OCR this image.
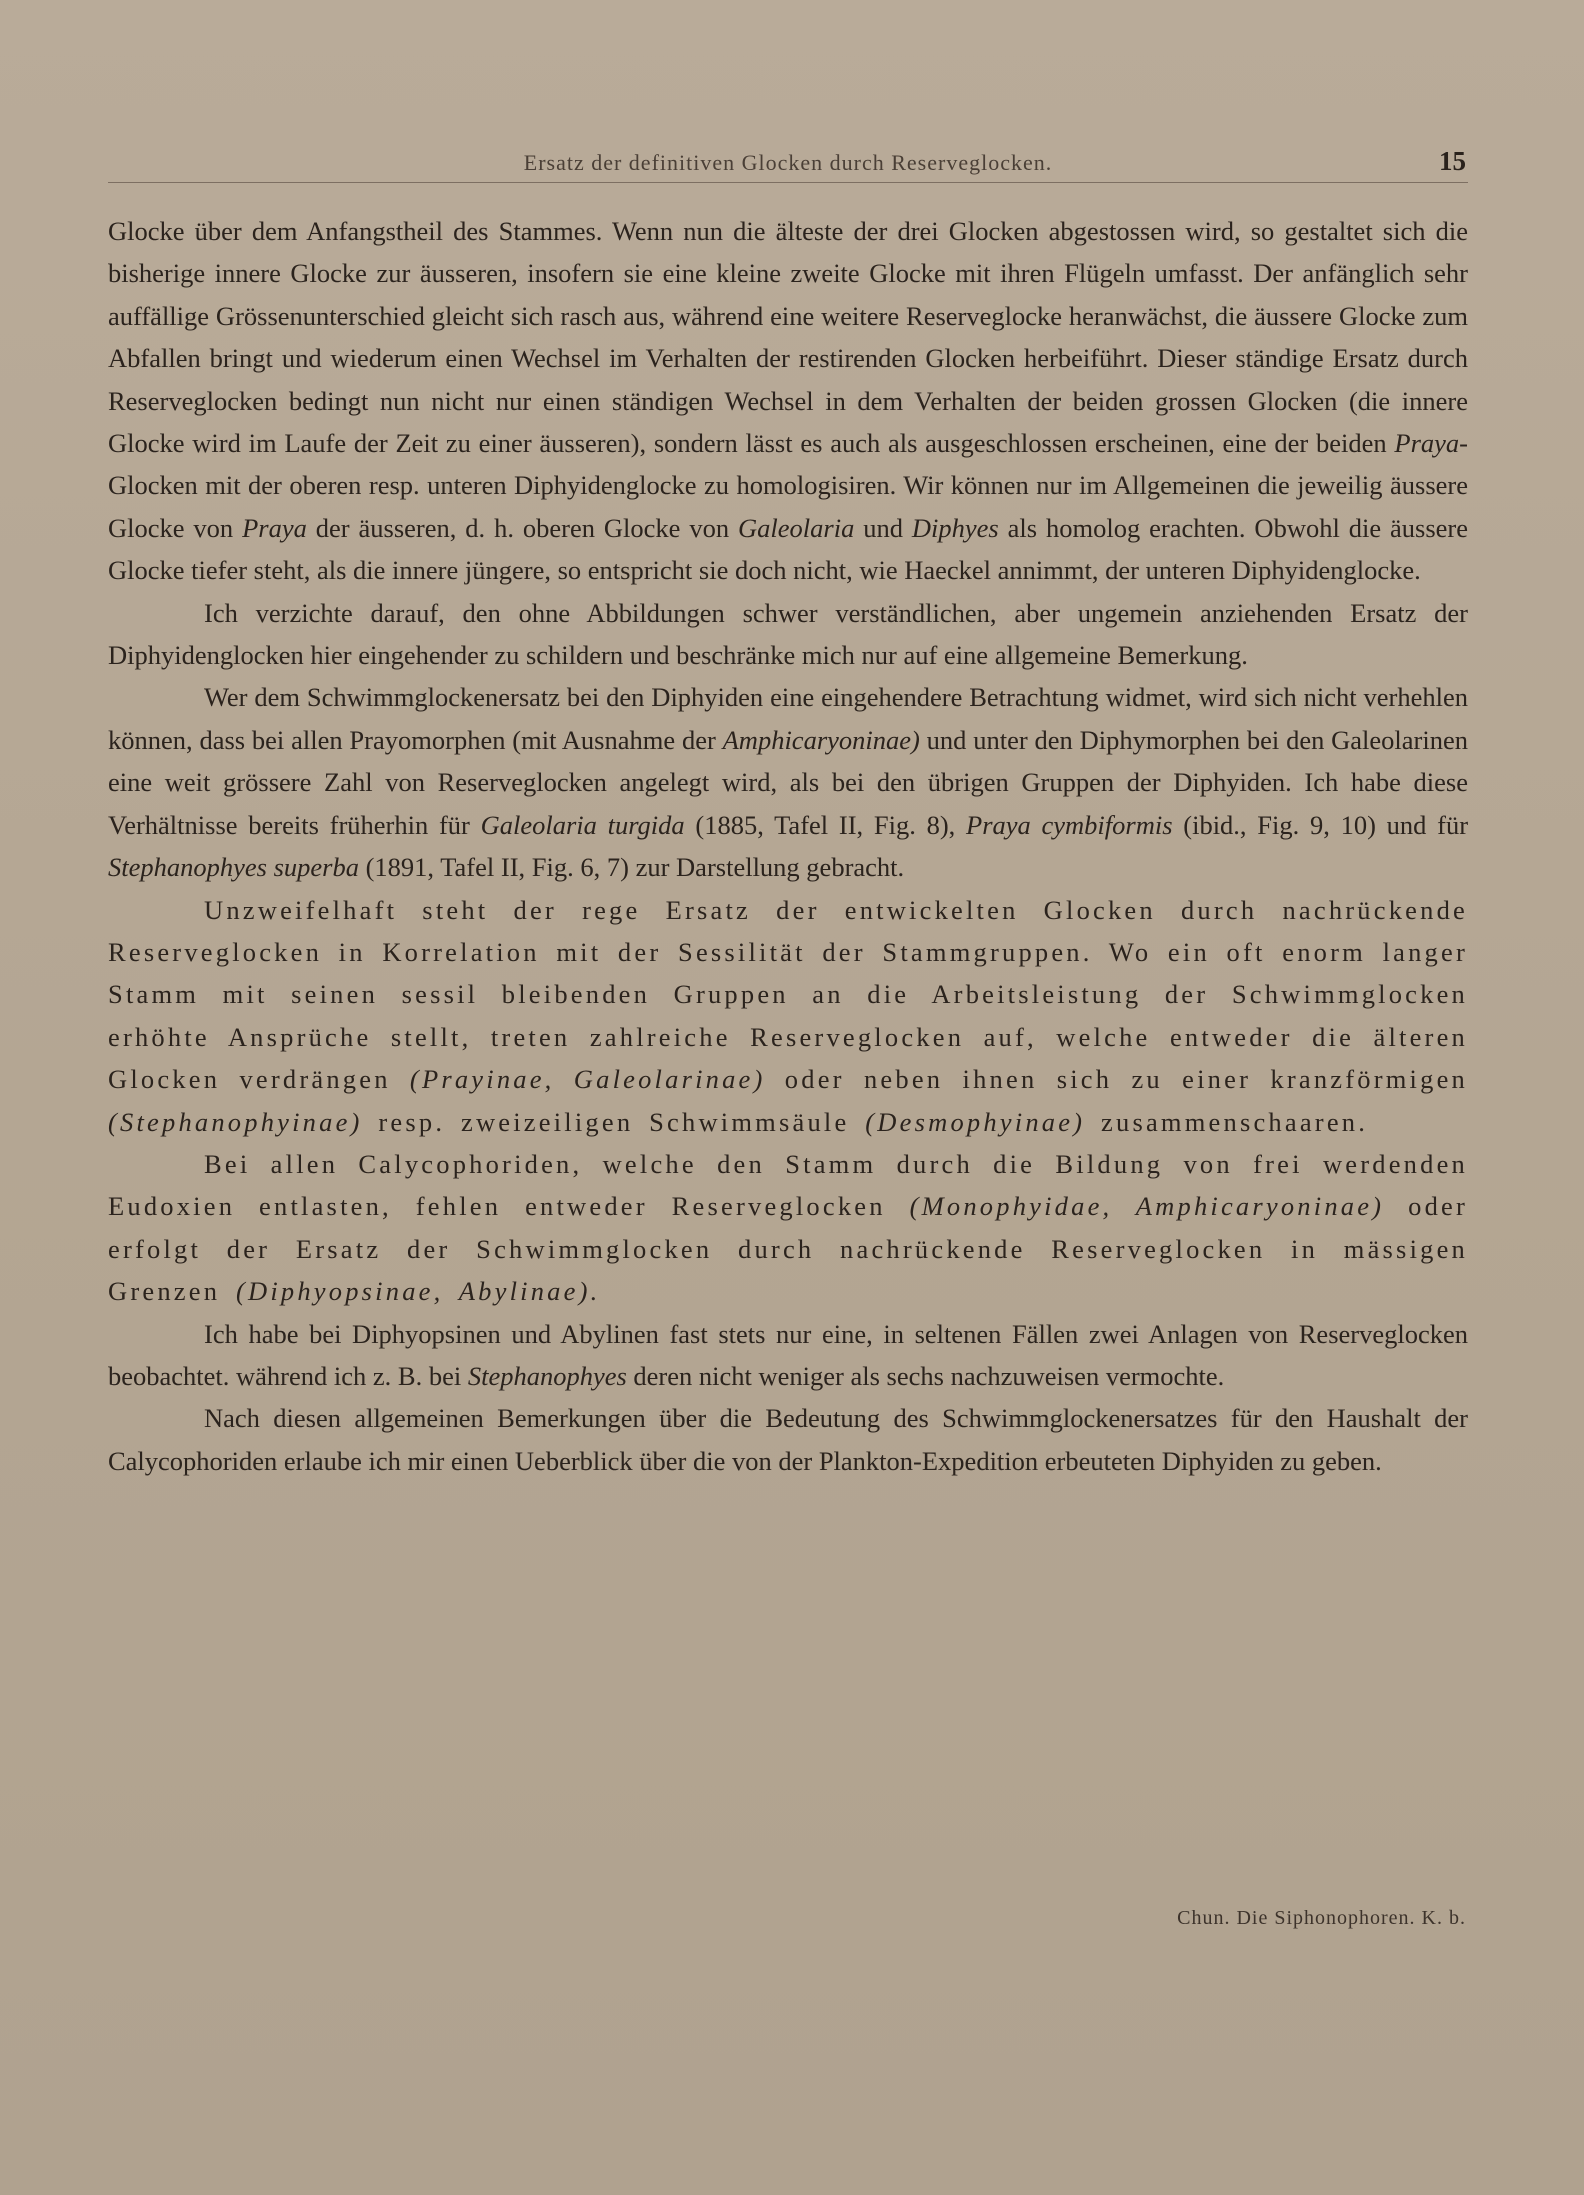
Ersatz der definitiven Glocken durch Reserveglocken.	15

Glocke über dem Anfangstheil des Stammes. Wenn nun die älteste der drei Glocken abgestossen wird, so gestaltet sich die bisherige innere Glocke zur äusseren, insofern sie eine kleine zweite Glocke mit ihren Flügeln umfasst. Der anfänglich sehr auffällige Grössenunterschied gleicht sich rasch aus, während eine weitere Reserveglocke heranwächst, die äussere Glocke zum Abfallen bringt und wiederum einen Wechsel im Verhalten der restirenden Glocken herbeiführt. Dieser ständige Ersatz durch Reserveglocken bedingt nun nicht nur einen ständigen Wechsel in dem Verhalten der beiden grossen Glocken (die innere Glocke wird im Laufe der Zeit zu einer äusseren), sondern lässt es auch als ausgeschlossen erscheinen, eine der beiden Praya-Glocken mit der oberen resp. unteren Diphyidenglocke zu homologisiren. Wir können nur im Allgemeinen die jeweilig äussere Glocke von Praya der äusseren, d. h. oberen Glocke von Galeolaria und Diphyes als homolog erachten. Obwohl die äussere Glocke tiefer steht, als die innere jüngere, so entspricht sie doch nicht, wie Haeckel annimmt, der unteren Diphyidenglocke.

Ich verzichte darauf, den ohne Abbildungen schwer verständlichen, aber ungemein anziehenden Ersatz der Diphyidenglocken hier eingehender zu schildern und beschränke mich nur auf eine allgemeine Bemerkung.

Wer dem Schwimmglockenersatz bei den Diphyiden eine eingehendere Betrachtung widmet, wird sich nicht verhehlen können, dass bei allen Prayomorphen (mit Ausnahme der Amphicaryoninae) und unter den Diphymorphen bei den Galeolarinen eine weit grössere Zahl von Reserveglocken angelegt wird, als bei den übrigen Gruppen der Diphyiden. Ich habe diese Verhältnisse bereits früherhin für Galeolaria turgida (1885, Tafel II, Fig. 8), Praya cymbiformis (ibid., Fig. 9, 10) und für Stephanophyes superba (1891, Tafel II, Fig. 6, 7) zur Darstellung gebracht.

Unzweifelhaft steht der rege Ersatz der entwickelten Glocken durch nachrückende Reserveglocken in Korrelation mit der Sessilität der Stammgruppen. Wo ein oft enorm langer Stamm mit seinen sessil bleibenden Gruppen an die Arbeitsleistung der Schwimmglocken erhöhte Ansprüche stellt, treten zahlreiche Reserveglocken auf, welche entweder die älteren Glocken verdrängen (Prayinae, Galeolarinae) oder neben ihnen sich zu einer kranzförmigen (Stephanophyinae) resp. zweizeiligen Schwimmsäule (Desmophyinae) zusammenschaaren.

Bei allen Calycophoriden, welche den Stamm durch die Bildung von frei werdenden Eudoxien entlasten, fehlen entweder Reserveglocken (Monophyidae, Amphicaryoninae) oder erfolgt der Ersatz der Schwimmglocken durch nachrückende Reserveglocken in mässigen Grenzen (Diphyopsinae, Abylinae).

Ich habe bei Diphyopsinen und Abylinen fast stets nur eine, in seltenen Fällen zwei Anlagen von Reserveglocken beobachtet. während ich z. B. bei Stephanophyes deren nicht weniger als sechs nachzuweisen vermochte.

Nach diesen allgemeinen Bemerkungen über die Bedeutung des Schwimmglockenersatzes für den Haushalt der Calycophoriden erlaube ich mir einen Ueberblick über die von der Plankton-Expedition erbeuteten Diphyiden zu geben.

Chun. Die Siphonophoren. K. b.
